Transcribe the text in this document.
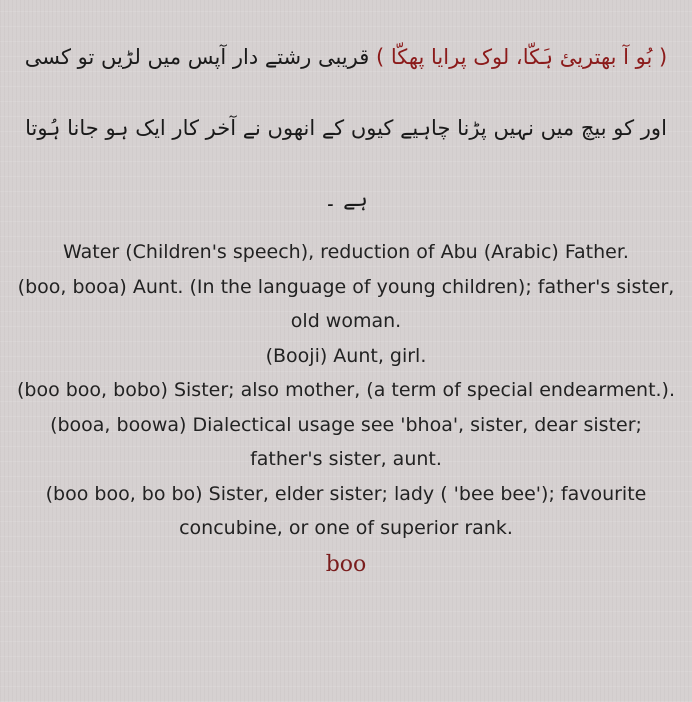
( بُو آ بھتریئ ہَکّا، لوک پرایا پھکّا ) قریبی رشتے دار آپس میں لڑیں تو کسی اور کو بیچ میں نہیں پڑنا چاہیے کیوں کے انھوں نے آخر کار ایک ہو جانا ہُوتا ہے ۔

Water (Children's speech), reduction of Abu (Arabic) Father.

(boo, booa) Aunt. (In the language of young children); father's sister, old woman.

(Booji) Aunt, girl.

(boo boo, bobo) Sister; also mother, (a term of special endearment.).

(booa, boowa) Dialectical usage see 'bhoa', sister, dear sister; father's sister, aunt.

(boo boo, bo bo) Sister, elder sister; lady ( 'bee bee'); favourite concubine, or one of superior rank.

boo
